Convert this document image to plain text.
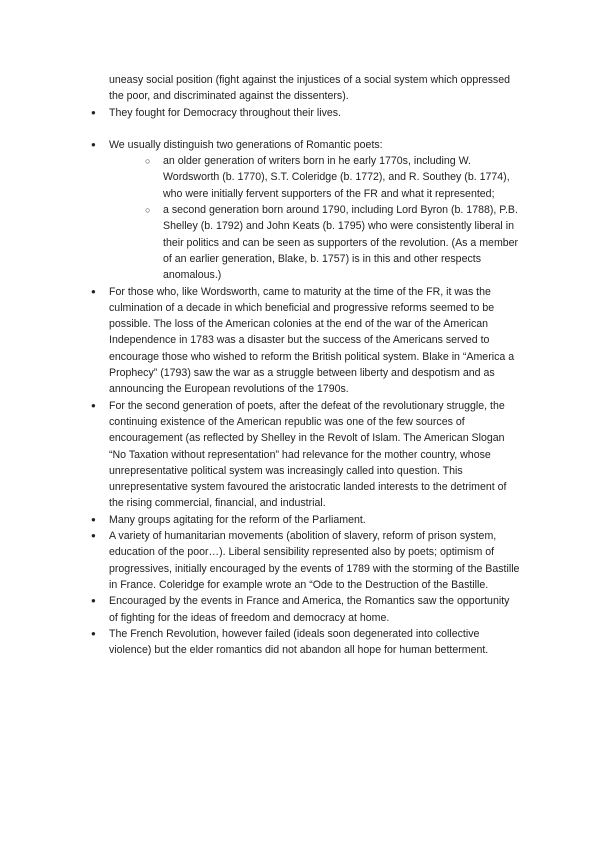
uneasy social position (fight against the injustices of a social system which oppressed the poor, and discriminated against the dissenters).

● They fought for Democracy throughout their lives.
● We usually distinguish two generations of Romantic poets:
○ an older generation of writers born in he early 1770s, including W. Wordsworth (b. 1770), S.T. Coleridge (b. 1772), and R. Southey (b. 1774), who were initially fervent supporters of the FR and what it represented;
○ a second generation born around 1790, including Lord Byron (b. 1788), P.B. Shelley (b. 1792) and John Keats (b. 1795) who were consistently liberal in their politics and can be seen as supporters of the revolution. (As a member of an earlier generation, Blake, b. 1757) is in this and other respects anomalous.)
● For those who, like Wordsworth, came to maturity at the time of the FR, it was the culmination of a decade in which beneficial and progressive reforms seemed to be possible. The loss of the American colonies at the end of the war of the American Independence in 1783 was a disaster but the success of the Americans served to encourage those who wished to reform the British political system. Blake in “America a Prophecy” (1793) saw the war as a struggle between liberty and despotism and as announcing the European revolutions of the 1790s.
● For the second generation of poets, after the defeat of the revolutionary struggle, the continuing existence of the American republic was one of the few sources of encouragement (as reflected by Shelley in the Revolt of Islam. The American Slogan “No Taxation without representation” had relevance for the mother country, whose unrepresentative political system was increasingly called into question. This unrepresentative system favoured the aristocratic landed interests to the detriment of the rising commercial, financial, and industrial.
● Many groups agitating for the reform of the Parliament.
● A variety of humanitarian movements (abolition of slavery, reform of prison system, education of the poor…). Liberal sensibility represented also by poets; optimism of progressives, initially encouraged by the events of 1789 with the storming of the Bastille in France. Coleridge for example wrote an “Ode to the Destruction of the Bastille.
● Encouraged by the events in France and America, the Romantics saw the opportunity of fighting for the ideas of freedom and democracy at home.
● The French Revolution, however failed (ideals soon degenerated into collective violence) but the elder romantics did not abandon all hope for human betterment.
